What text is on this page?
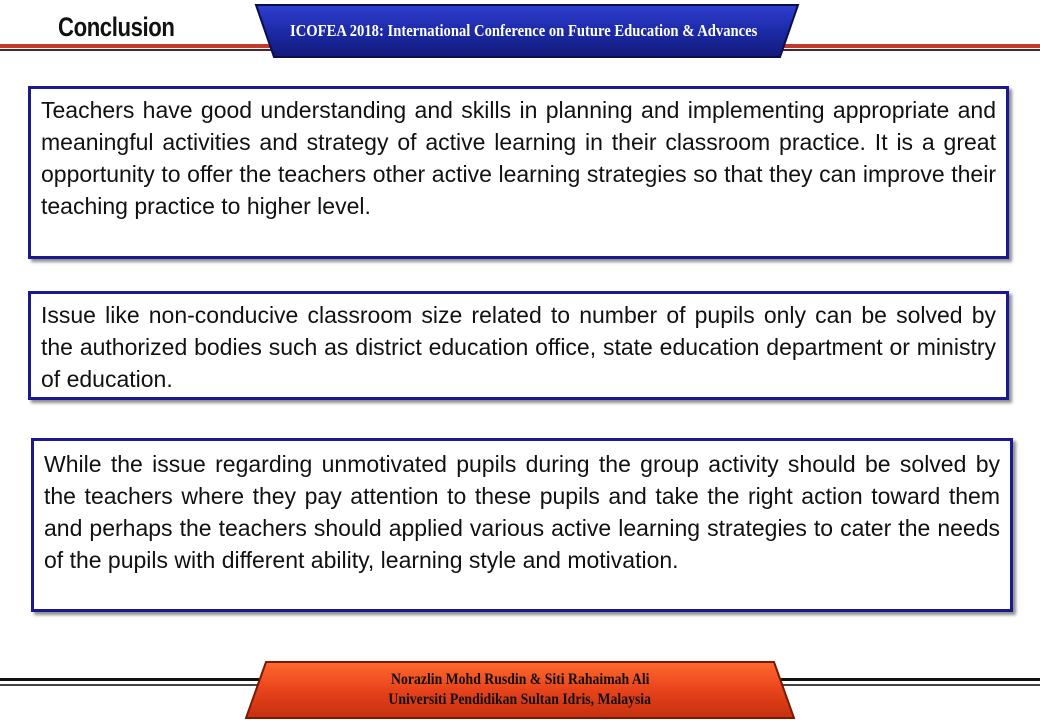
Conclusion	ICOFEA 2018: International Conference on Future Education & Advances
Teachers have good understanding and skills in planning and implementing appropriate and meaningful activities and strategy of active learning in their classroom practice. It is a great opportunity to offer the teachers other active learning strategies so that they can improve their teaching practice to higher level.
Issue like non-conducive classroom size related to number of pupils only can be solved by the authorized bodies such as district education office, state education department or ministry of education.
While the issue regarding unmotivated pupils during the group activity should be solved by the teachers where they pay attention to these pupils and take the right action toward them and perhaps the teachers should applied various active learning strategies to cater the needs of the pupils with different ability, learning style and motivation.
Norazlin Mohd Rusdin & Siti Rahaimah Ali
Universiti Pendidikan Sultan Idris, Malaysia
